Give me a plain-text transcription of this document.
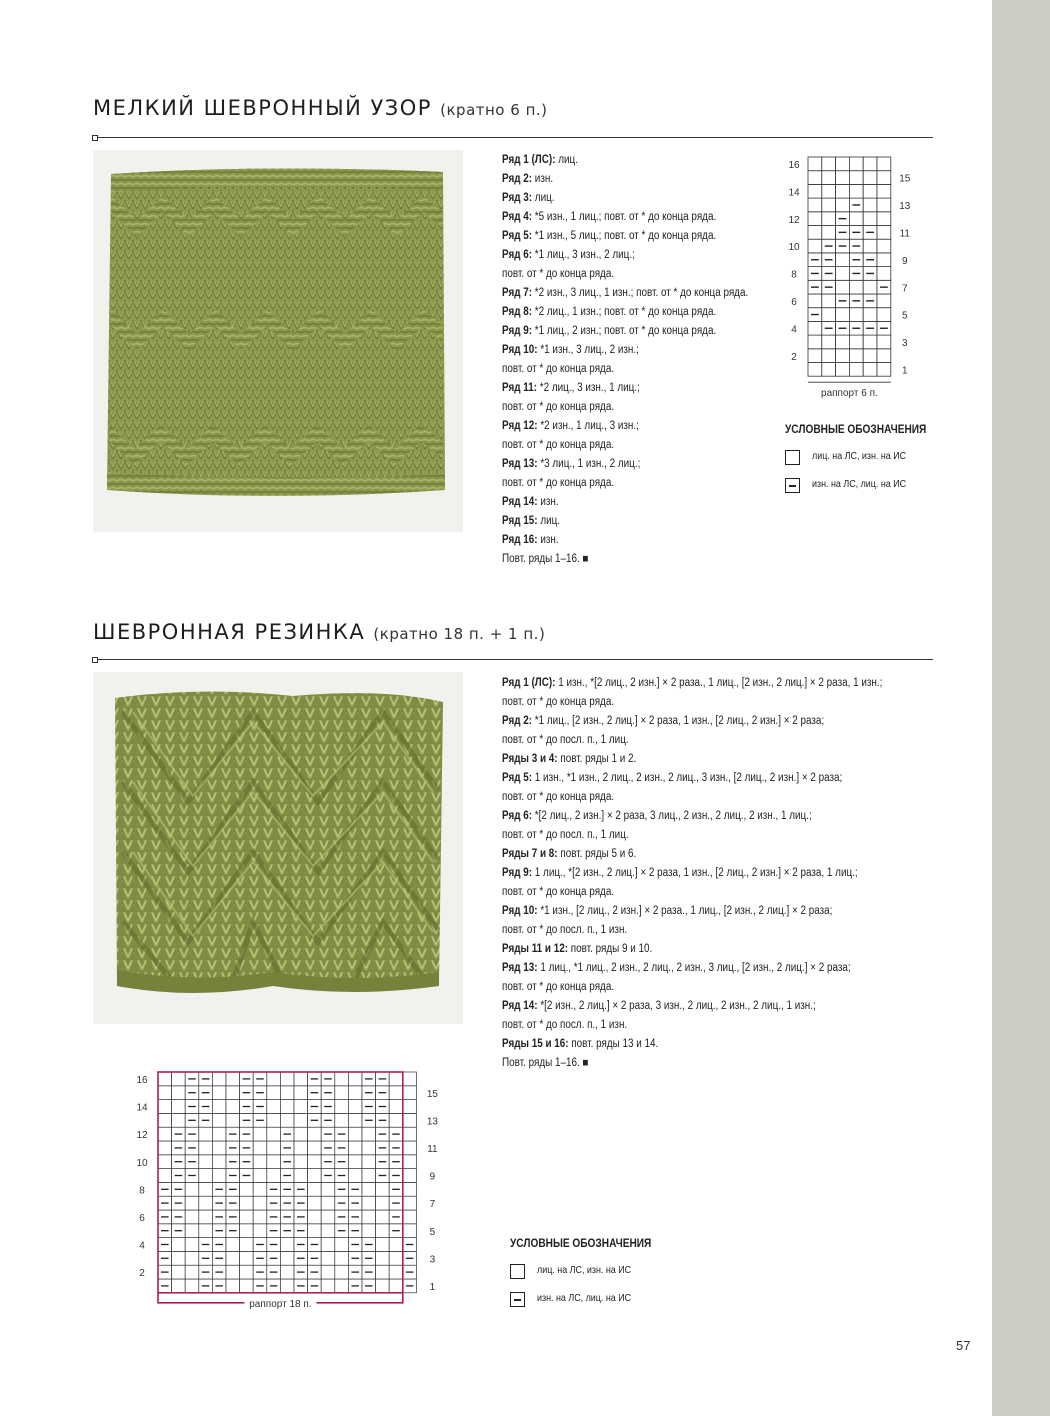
МЕЛКИЙ ШЕВРОННЫЙ УЗОР (кратно 6 п.)
Ряд 1 (ЛС): лиц.
Ряд 2: изн.
Ряд 3: лиц.
Ряд 4: *5 изн., 1 лиц.; повт. от * до конца ряда.
Ряд 5: *1 изн., 5 лиц.; повт. от * до конца ряда.
Ряд 6: *1 лиц., 3 изн., 2 лиц.;
повт. от * до конца ряда.
Ряд 7: *2 изн., 3 лиц., 1 изн.; повт. от * до конца ряда.
Ряд 8: *2 лиц., 1 изн.; повт. от * до конца ряда.
Ряд 9: *1 лиц., 2 изн.; повт. от * до конца ряда.
Ряд 10: *1 изн., 3 лиц., 2 изн.;
повт. от * до конца ряда.
Ряд 11: *2 лиц., 3 изн., 1 лиц.;
повт. от * до конца ряда.
Ряд 12: *2 изн., 1 лиц., 3 изн.;
повт. от * до конца ряда.
Ряд 13: *3 лиц., 1 изн., 2 лиц.;
повт. от * до конца ряда.
Ряд 14: изн.
Ряд 15: лиц.
Ряд 16: изн.
Повт. ряды 1–16. ■
16
14
12
10
8
6
4
2
15
13
11
9
7
5
3
1
раппорт 6 п.
УСЛОВНЫЕ ОБОЗНАЧЕНИЯ
лиц. на ЛС, изн. на ИС
изн. на ЛС, лиц. на ИС
ШЕВРОННАЯ РЕЗИНКА (кратно 18 п. + 1 п.)
Ряд 1 (ЛС): 1 изн., *[2 лиц., 2 изн.] × 2 раза., 1 лиц., [2 изн., 2 лиц.] × 2 раза, 1 изн.;
повт. от * до конца ряда.
Ряд 2: *1 лиц., [2 изн., 2 лиц.] × 2 раза, 1 изн., [2 лиц., 2 изн.] × 2 раза;
повт. от * до посл. п., 1 лиц.
Ряды 3 и 4: повт. ряды 1 и 2.
Ряд 5: 1 изн., *1 изн., 2 лиц., 2 изн., 2 лиц., 3 изн., [2 лиц., 2 изн.] × 2 раза;
повт. от * до конца ряда.
Ряд 6: *[2 лиц., 2 изн.] × 2 раза, 3 лиц., 2 изн., 2 лиц., 2 изн., 1 лиц.;
повт. от * до посл. п., 1 лиц.
Ряды 7 и 8: повт. ряды 5 и 6.
Ряд 9: 1 лиц., *[2 изн., 2 лиц.] × 2 раза, 1 изн., [2 лиц., 2 изн.] × 2 раза, 1 лиц.;
повт. от * до конца ряда.
Ряд 10: *1 изн., [2 лиц., 2 изн.] × 2 раза., 1 лиц., [2 изн., 2 лиц.] × 2 раза;
повт. от * до посл. п., 1 изн.
Ряды 11 и 12: повт. ряды 9 и 10.
Ряд 13: 1 лиц., *1 лиц., 2 изн., 2 лиц., 2 изн., 3 лиц., [2 изн., 2 лиц.] × 2 раза;
повт. от * до конца ряда.
Ряд 14: *[2 изн., 2 лиц.] × 2 раза, 3 изн., 2 лиц., 2 изн., 2 лиц., 1 изн.;
повт. от * до посл. п., 1 изн.
Ряды 15 и 16: повт. ряды 13 и 14.
Повт. ряды 1–16. ■
16
14
12
10
8
6
4
2
15
13
11
9
7
5
3
1
раппорт 18 п.
УСЛОВНЫЕ ОБОЗНАЧЕНИЯ
лиц. на ЛС, изн. на ИС
изн. на ЛС, лиц. на ИС
57
